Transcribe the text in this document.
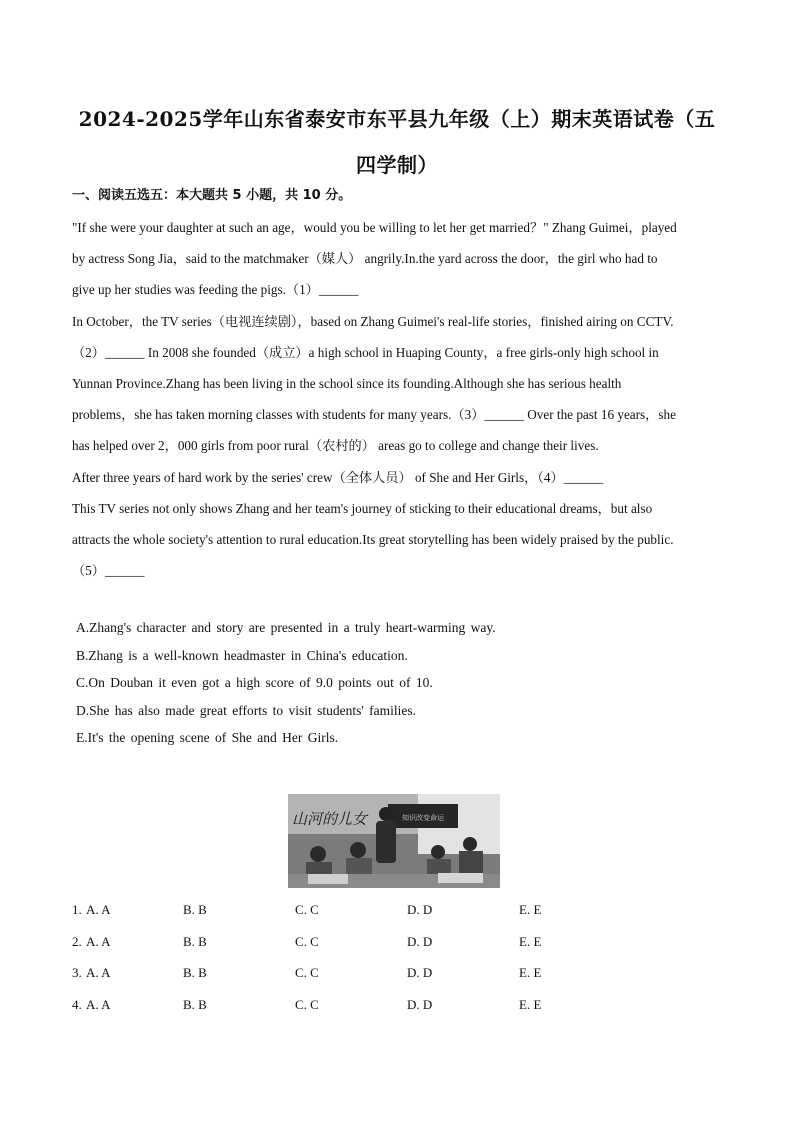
2024-2025学年山东省泰安市东平县九年级（上）期末英语试卷（五
四学制）
一、阅读五选五：本大题共 5 小题，共 10 分。
"If she were your daughter at such an age，would you be willing to let her get married？" Zhang Guimei，played
by actress Song Jia，said to the matchmaker（媒人） angrily.In.the yard across the door，the girl who had to
give up her studies was feeding the pigs.（1）______
In October，the TV series（电视连续剧），based on Zhang Guimei's real-life stories，finished airing on CCTV.
（2）______ In 2008 she founded（成立）a high school in Huaping County，a free girls-only high school in
Yunnan Province.Zhang has been living in the school since its founding.Although she has serious health
problems，she has taken morning classes with students for many years.（3）______ Over the past 16 years，she
has helped over 2，000 girls from poor rural（农村的） areas go to college and change their lives.
After three years of hard work by the series' crew（全体人员） of She and Her Girls，（4）______
This TV series not only shows Zhang and her team's journey of sticking to their educational dreams，but also
attracts the whole society's attention to rural education.Its great storytelling has been widely praised by the public.
（5）______
A.Zhang's character and story are presented in a truly heart-warming way.
B.Zhang is a well-known headmaster in China's education.
C.On Douban it even got a high score of 9.0 points out of 10.
D.She has also made great efforts to visit students' families.
E.It's the opening scene of She and Her Girls.
知识改变命运
山河的儿女
1. A. A	B. B	C. C	D. D	E. E
2. A. A	B. B	C. C	D. D	E. E
3. A. A	B. B	C. C	D. D	E. E
4. A. A	B. B	C. C	D. D	E. E
